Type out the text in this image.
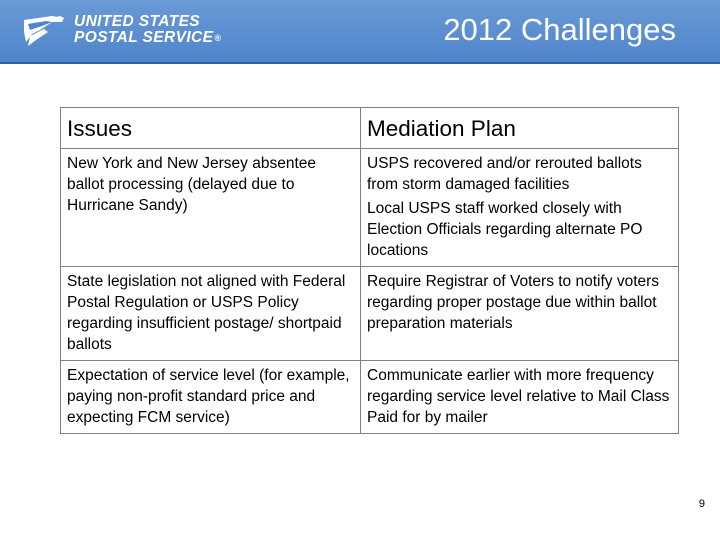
UNITED STATES
POSTAL SERVICE®	2012 Challenges
Issues	Mediation Plan
New York and New Jersey absentee ballot processing (delayed due to Hurricane Sandy)	USPS recovered and/or rerouted ballots from storm damaged facilities

Local USPS staff worked closely with Election Officials regarding alternate PO locations

State legislation not aligned with Federal Postal Regulation or USPS Policy regarding insufficient postage/ shortpaid ballots	Require Registrar of Voters to notify voters regarding proper postage due within ballot preparation materials

Expectation of service level (for example, paying non-profit standard price and expecting FCM service)	Communicate earlier with more frequency regarding service level relative to Mail Class Paid for by mailer

9
